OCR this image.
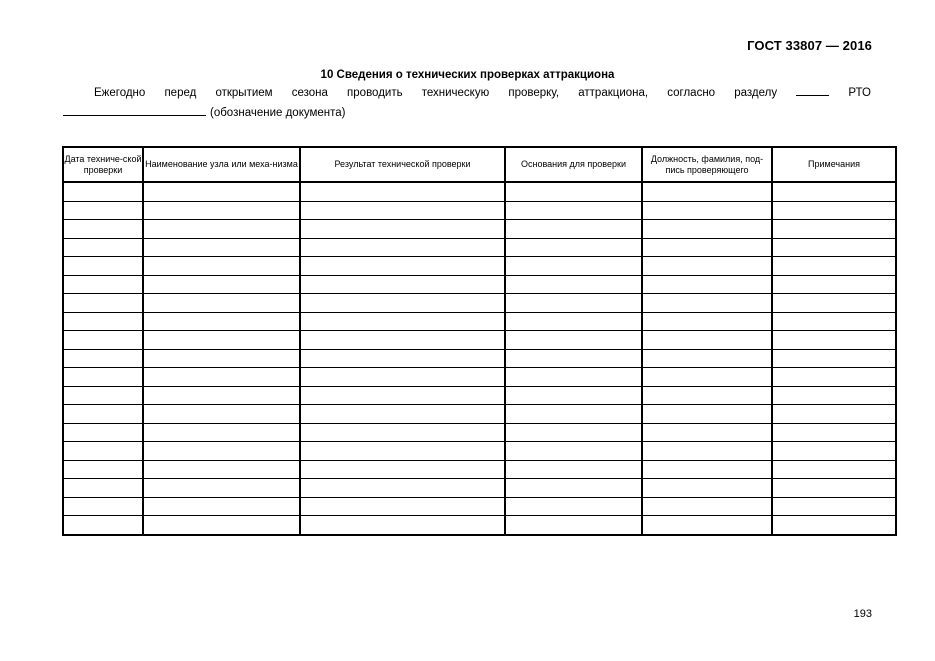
ГОСТ 33807 — 2016
10 Сведения о технических проверках аттракциона
Ежегодно перед открытием сезона проводить техническую проверку, аттракциона, согласно разделу	РТО
(обозначение документа)
Дата техниче-ской проверки	Наименование узла или меха-низма	Результат технической проверки	Основания для проверки	Должность, фамилия, под-пись проверяющего	Примечания

193
